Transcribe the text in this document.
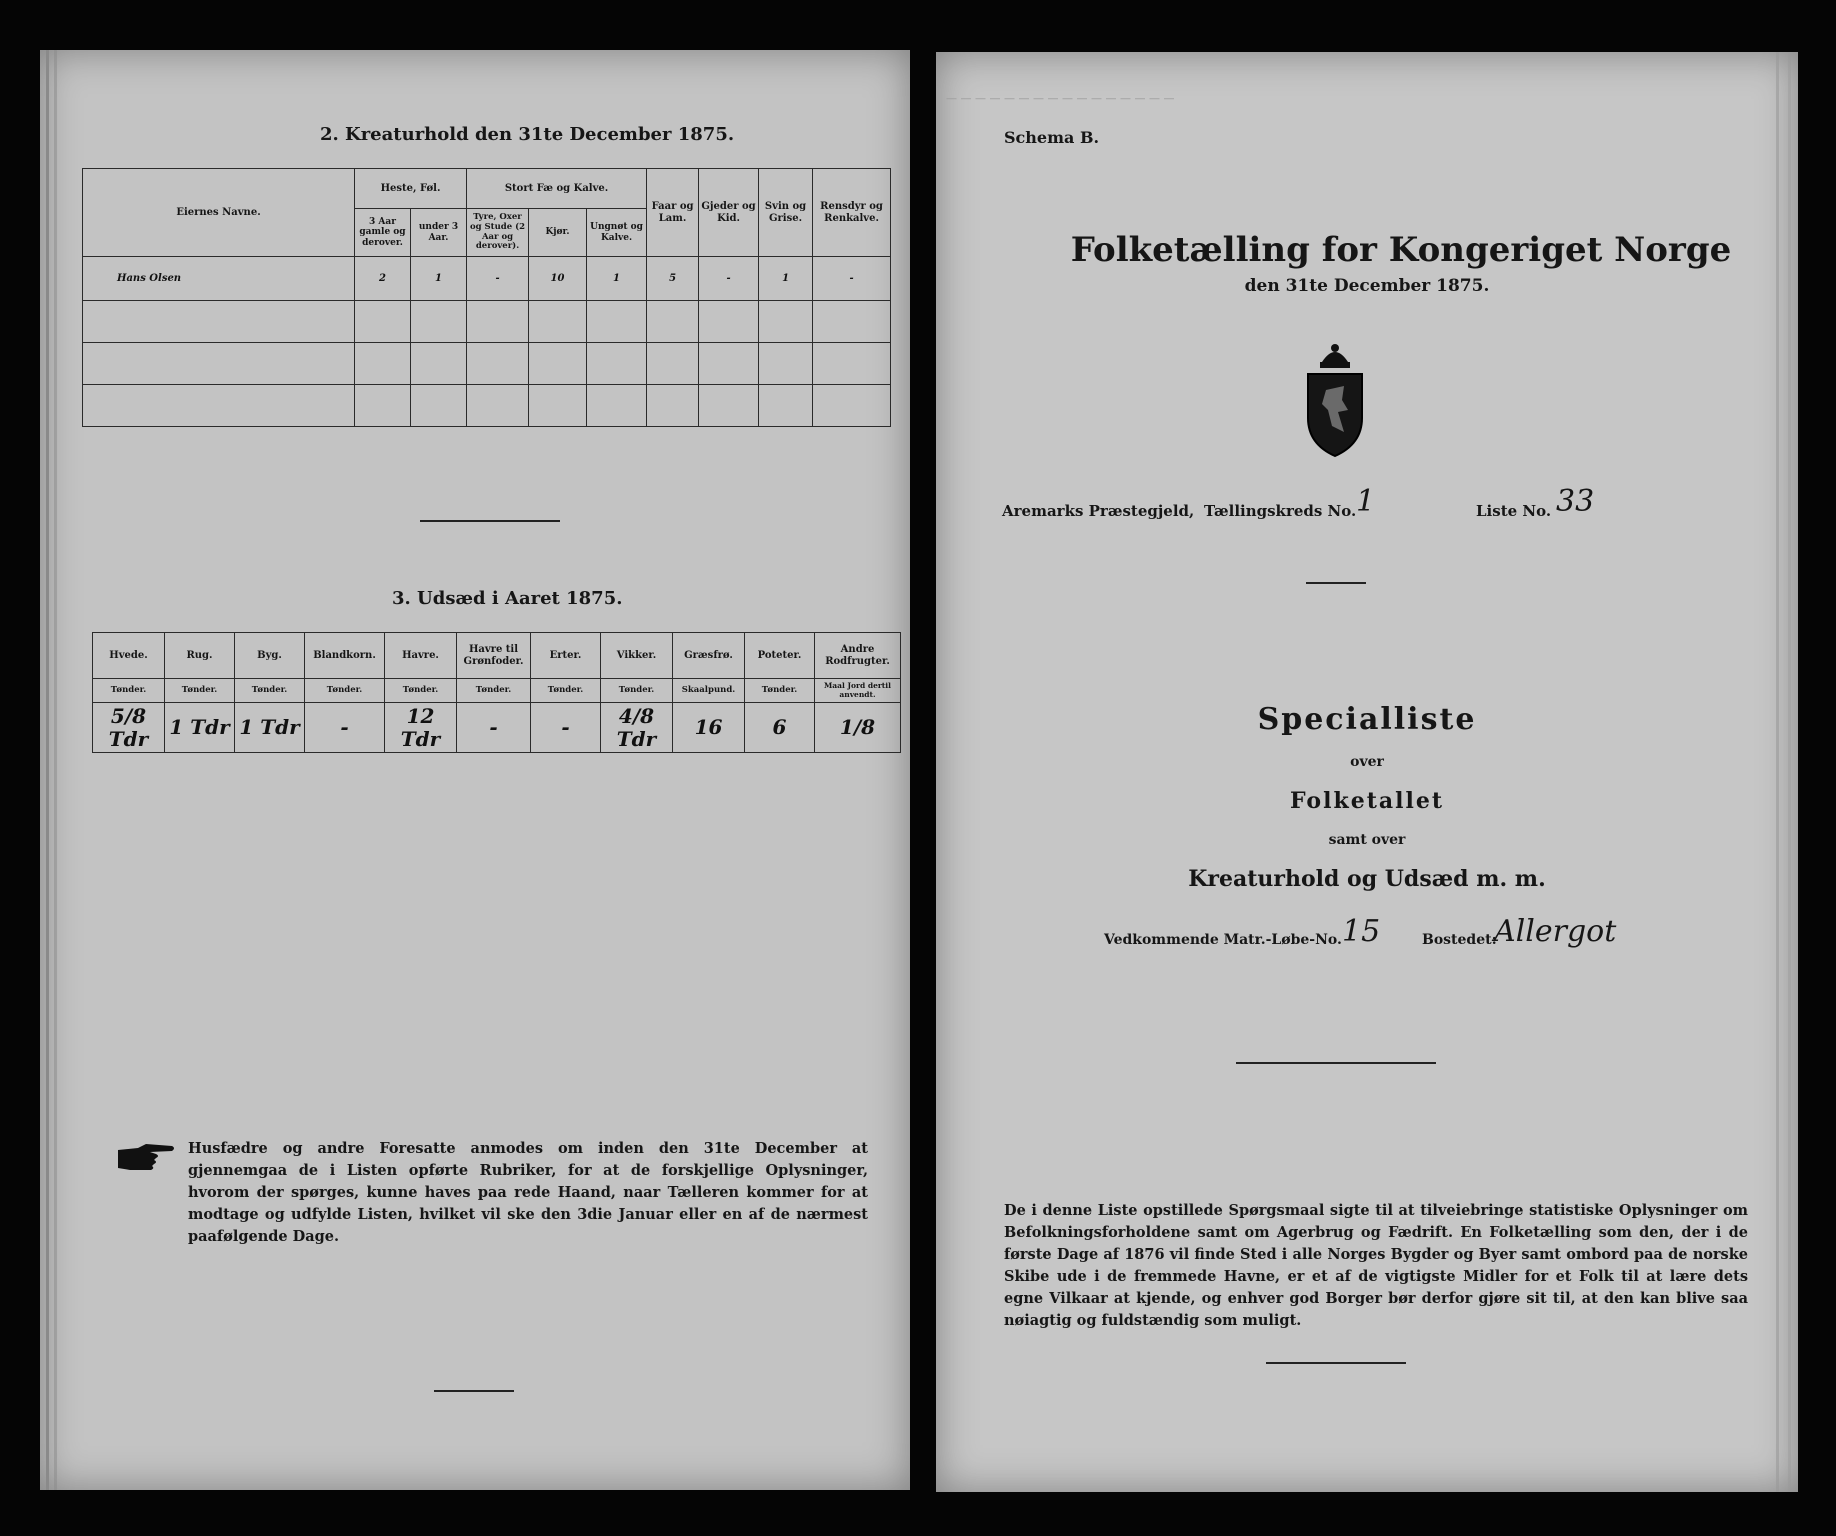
2. Kreaturhold den 31te December 1875.
Eiernes Navne.	Heste, Føl.		Stort Fæ og Kalve.			Faar og Lam.	Gjeder og Kid.	Svin og Grise.	Rensdyr og Renkalve.
	3 Aar gamle og derover.	under 3 Aar.	Tyre, Oxer og Stude (2 Aar og derover).	Kjør.	Ungnøt og Kalve.				
Hans Olsen	2	1	-	10	1	5	-	1	-

3. Udsæd i Aaret 1875.
Hvede.	Rug.	Byg.	Blandkorn.	Havre.	Havre til Grønfoder.	Erter.	Vikker.	Græsfrø.	Poteter.	Andre Rodfrugter.
Tønder.	Tønder.	Tønder.	Tønder.	Tønder.	Tønder.	Tønder.	Tønder.	Skaalpund.	Tønder.	Maal Jord dertil anvendt.
5/8 Tdr	1 Tdr	1 Tdr	-	12 Tdr	-	-	4/8 Tdr	16	6	1/8
Husfædre og andre Foresatte anmodes om inden den 31te December at gjennemgaa de i Listen opførte Rubriker, for at de forskjellige Oplysninger, hvorom der spørges, kunne haves paa rede Haand, naar Tælleren kommer for at modtage og udfylde Listen, hvilket vil ske den 3die Januar eller en af de nærmest paafølgende Dage.
— — — — — — — — — — — — — — — —
Schema B.
Folketælling for Kongeriget Norge
den 31te December 1875.
Aremarks Præstegjeld, Tællingskreds No. 1	Liste No. 33
Specialliste
over
Folketallet
samt over
Kreaturhold og Udsæd m. m.
Vedkommende Matr.-Løbe-No. 15	Bostedet:
Allergot
De i denne Liste opstillede Spørgsmaal sigte til at tilveiebringe statistiske Oplysninger om Befolkningsforholdene samt om Agerbrug og Fædrift. En Folketælling som den, der i de første Dage af 1876 vil finde Sted i alle Norges Bygder og Byer samt ombord paa de norske Skibe ude i de fremmede Havne, er et af de vigtigste Midler for et Folk til at lære dets egne Vilkaar at kjende, og enhver god Borger bør derfor gjøre sit til, at den kan blive saa nøiagtig og fuldstændig som muligt.
